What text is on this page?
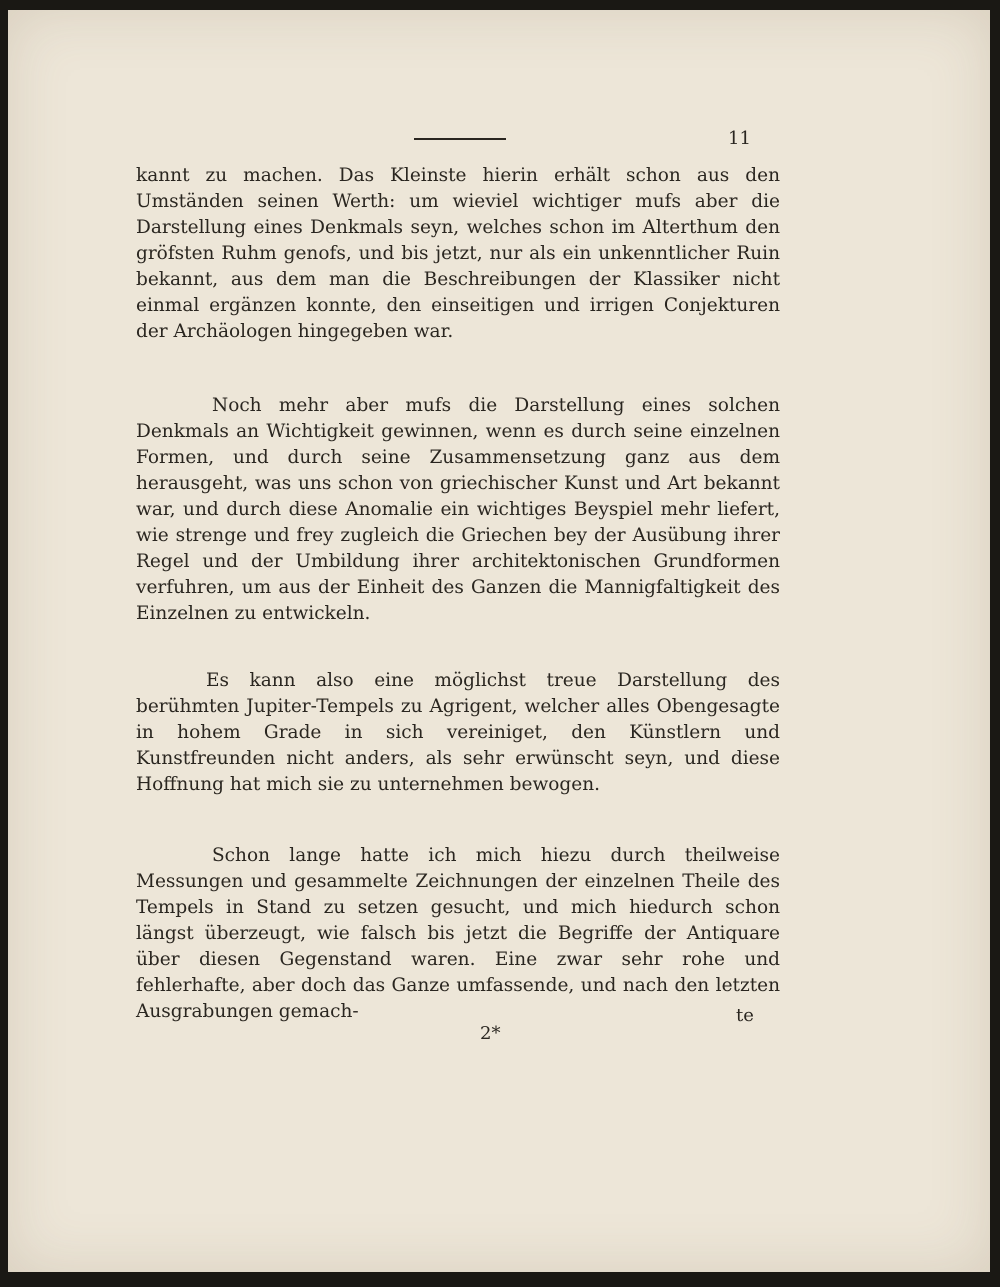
11

kannt zu machen. Das Kleinste hierin erhält schon aus den Umständen seinen Werth: um wieviel wichtiger mufs aber die Darstellung eines Denkmals seyn, welches schon im Alterthum den gröfsten Ruhm genofs, und bis jetzt, nur als ein unkenntlicher Ruin bekannt, aus dem man die Beschreibungen der Klassiker nicht einmal ergänzen konnte, den einseitigen und irrigen Conjekturen der Archäologen hingegeben war.

Noch mehr aber mufs die Darstellung eines solchen Denkmals an Wichtigkeit gewinnen, wenn es durch seine einzelnen Formen, und durch seine Zusammensetzung ganz aus dem herausgeht, was uns schon von griechischer Kunst und Art bekannt war, und durch diese Anomalie ein wichtiges Beyspiel mehr liefert, wie strenge und frey zugleich die Griechen bey der Ausübung ihrer Regel und der Umbildung ihrer architektonischen Grundformen verfuhren, um aus der Einheit des Ganzen die Mannigfaltigkeit des Einzelnen zu entwickeln.

Es kann also eine möglichst treue Darstellung des berühmten Jupiter-Tempels zu Agrigent, welcher alles Obengesagte in hohem Grade in sich vereiniget, den Künstlern und Kunstfreunden nicht anders, als sehr erwünscht seyn, und diese Hoffnung hat mich sie zu unternehmen bewogen.

Schon lange hatte ich mich hiezu durch theilweise Messungen und gesammelte Zeichnungen der einzelnen Theile des Tempels in Stand zu setzen gesucht, und mich hiedurch schon längst überzeugt, wie falsch bis jetzt die Begriffe der Antiquare über diesen Gegenstand waren. Eine zwar sehr rohe und fehlerhafte, aber doch das Ganze umfassende, und nach den letzten Ausgrabungen gemach-	te
2*
